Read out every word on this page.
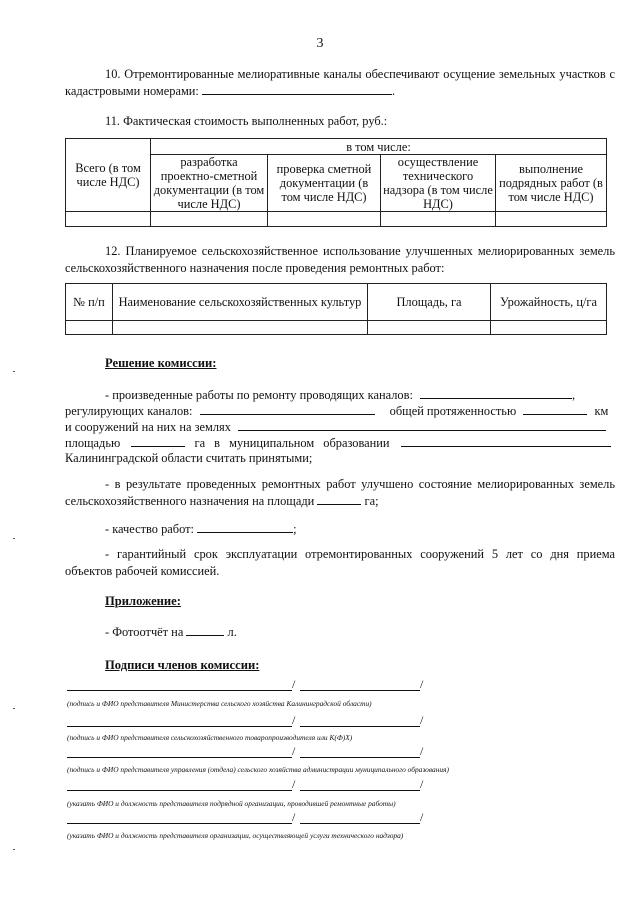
3
10. Отремонтированные мелиоративные каналы обеспечивают осущение земельных участков с кадастровыми номерами:	.
11. Фактическая стоимость выполненных работ, руб.:
Всего (в том числе НДС)	в том числе:			
	разработка проектно-сметной документации (в том числе НДС)	проверка сметной документации (в том числе НДС)	осуществление технического надзора (в том числе НДС)	выполнение подрядных работ (в том числе НДС)

12. Планируемое сельскохозяйственное использование улучшенных мелиорированных земель сельскохозяйственного назначения после проведения ремонтных работ:
№ п/п	Наименование сельскохозяйственных культур	Площадь, га	Урожайность, ц/га

Решение комиссии:
- произведенные работы по ремонту проводящих каналов:	,
регулирующих каналов:	общей протяженностью	км
и сооружений на них на землях
площадью	га в муниципальном образовании
Калининградской области считать принятыми;
- в результате проведенных ремонтных работ улучшено состояние мелиорированных земель сельскохозяйственного назначения на площади	га;
- качество работ:	;
- гарантийный срок эксплуатации отремонтированных сооружений 5 лет со дня приема объектов рабочей комиссией.
Приложение:
- Фотоотчёт на	л.
Подписи членов комиссии:
/	/
(подпись и ФИО представителя Министерства сельского хозяйства Калининградской области)
/	/
(подпись и ФИО представителя сельскохозяйственного товаропроизводителя или К(Ф)Х)
/	/
(подпись и ФИО представителя управления (отдела) сельского хозяйства администрации муниципального образования)
/	/
(указать ФИО и должность представителя подрядной организации, проводившей ремонтные работы)
/	/
(указать ФИО и должность представителя организации, осуществляющей услуги технического надзора)
